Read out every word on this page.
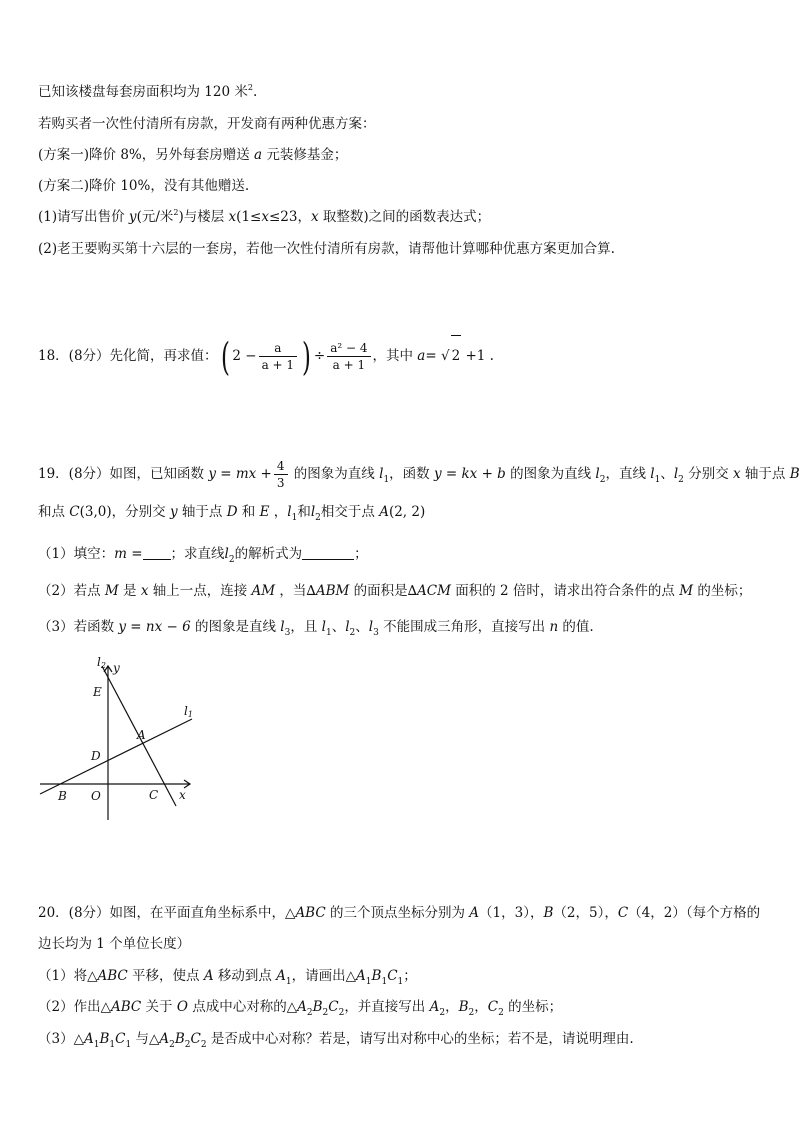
已知该楼盘每套房面积均为 120 米$^2$.
若购买者一次性付清所有房款，开发商有两种优惠方案：
(方案一)降价 8%，另外每套房赠送 a 元装修基金；
(方案二)降价 10%，没有其他赠送.
(1)请写出售价 y(元/米$^2$)与楼层 x(1≤x≤23，x 取整数)之间的函数表达式；
(2)老王要购买第十六层的一套房，若他一次性付清所有房款，请帮他计算哪种优惠方案更加合算.
18．(8分）先化简，再求值：( $2 - \frac{a}{a + 1}$ ) ÷ $\frac{\text{a² − 4}}{a + 1}$ ，其中 a= √ 2 +1 .
19．(8分）如图，已知函数 y = mx + $\frac{4}{3}$ 的图象为直线 $l_1$，函数 y = kx + b 的图象为直线 $l_2$，直线 $l_1$、$l_2$ 分别交 x 轴于点 B
和点 C(3,0)，分别交 y 轴于点 D 和 E ，$l_1$和$l_2$相交于点 A(2, 2)
（1）填空：m = ；求直线$l_2$的解析式为	；
（2）若点 M 是 x 轴上一点，连接 AM ，当∆ABM 的面积是∆ACM 面积的 2 倍时，请求出符合条件的点 M 的坐标；
（3）若函数 y = nx − 6 的图象是直线 $l_3$，且 $l_1$、$l_2$、$l_3$ 不能围成三角形，直接写出 n 的值.
l2 y
E
l1
A
D
B O	C x
20．(8分）如图，在平面直角坐标系中，△ABC 的三个顶点坐标分别为 A（1，3），B（2，5），C（4，2）（每个方格的
边长均为 1 个单位长度）
（1）将△ABC 平移，使点 A 移动到点 $A_1$，请画出$\triangle A_1B_1C_1$；
（2）作出△ABC 关于 O 点成中心对称的$\triangle A_2B_2C_2$，并直接写出 $A_2$，$B_2$，$C_2$ 的坐标；
$(3)\triangle A_1B_1C_1$ 与$\triangle A_2B_2C_2$ 是否成中心对称？若是，请写出对称中心的坐标；若不是，请说明理由.
